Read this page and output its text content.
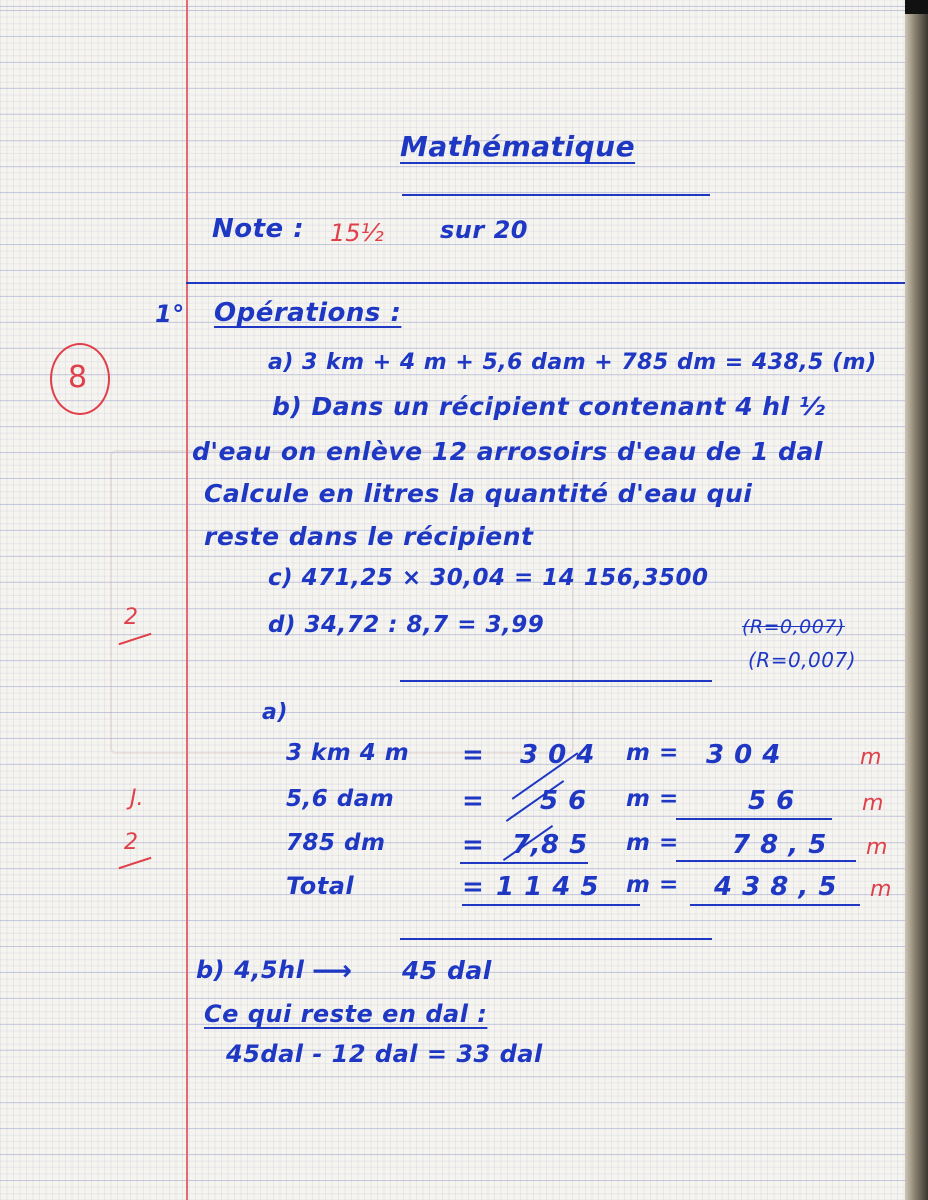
Mathématique
Note : 15½ sur 20
1° Opérations :
8	a) 3 km + 4 m + 5,6 dam + 785 dm = 438,5 (m)
b) Dans un récipient contenant 4 hl ½
d'eau on enlève 12 arrosoirs d'eau de 1 dal
Calcule en litres la quantité d'eau qui
reste dans le récipient
c) 471,25 × 30,04 = 14 156,3500
2	d) 34,72 : 8,7 = 3,99	(R=0,007)
(R=0,007)
a)
3 km 4 m = 3 0 4 m = 3 0 4	m
J.	5,6 dam	= 5 6 m =	5 6	m
2	785 dm	= 7,8 5 m = 7 8 , 5 m
Total	= 1 1 4 5 m = 4 3 8 , 5 m
b) 4,5hl ⟶ 45 dal
Ce qui reste en dal :
45dal - 12 dal = 33 dal
